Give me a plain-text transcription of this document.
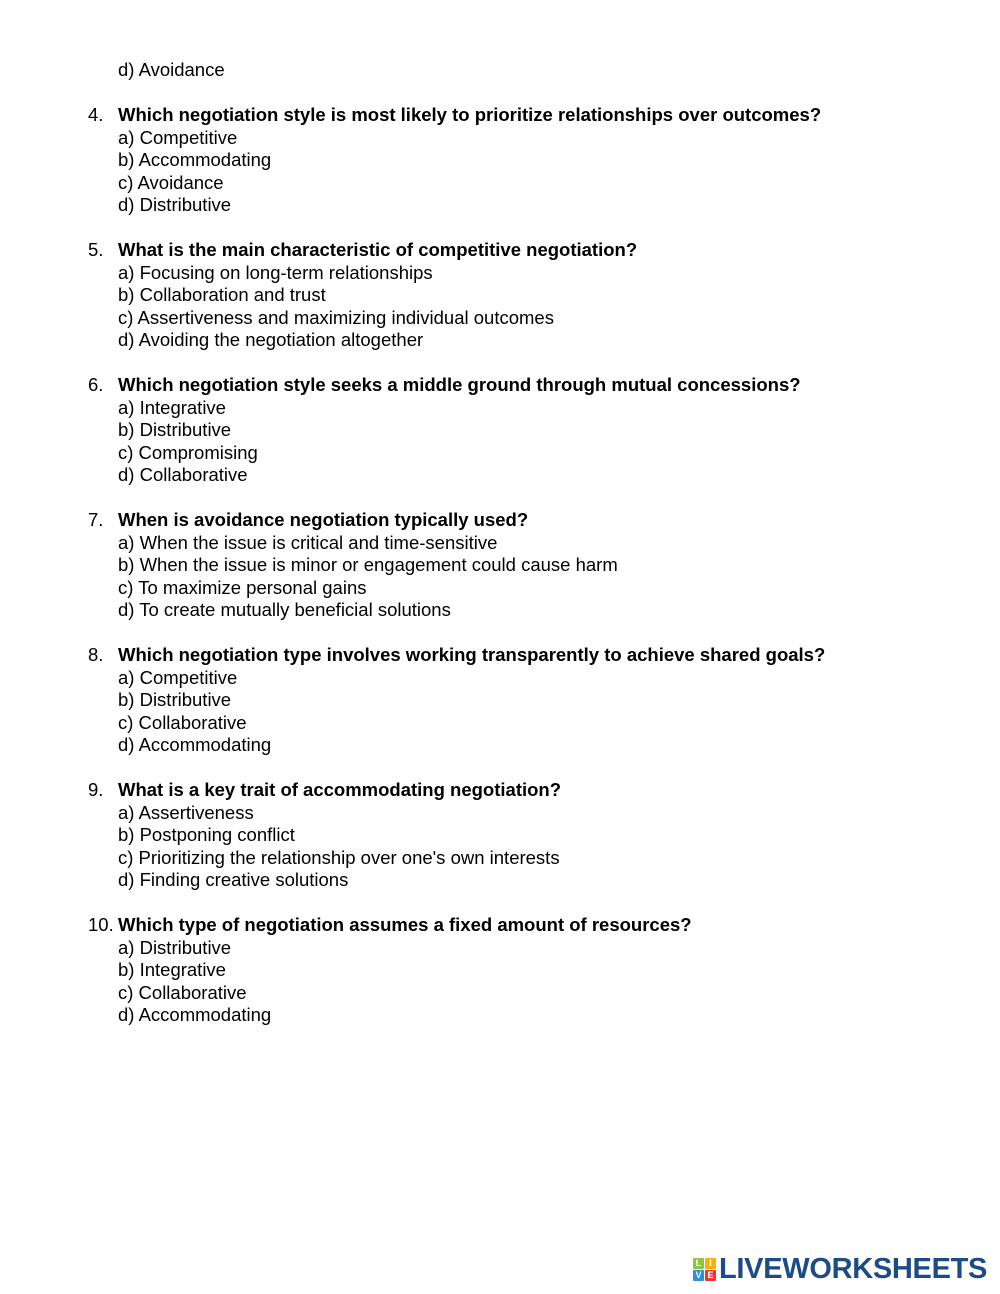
d) Avoidance
4. Which negotiation style is most likely to prioritize relationships over outcomes?
a) Competitive
b) Accommodating
c) Avoidance
d) Distributive
5. What is the main characteristic of competitive negotiation?
a) Focusing on long-term relationships
b) Collaboration and trust
c) Assertiveness and maximizing individual outcomes
d) Avoiding the negotiation altogether
6. Which negotiation style seeks a middle ground through mutual concessions?
a) Integrative
b) Distributive
c) Compromising
d) Collaborative
7. When is avoidance negotiation typically used?
a) When the issue is critical and time-sensitive
b) When the issue is minor or engagement could cause harm
c) To maximize personal gains
d) To create mutually beneficial solutions
8. Which negotiation type involves working transparently to achieve shared goals?
a) Competitive
b) Distributive
c) Collaborative
d) Accommodating
9. What is a key trait of accommodating negotiation?
a) Assertiveness
b) Postponing conflict
c) Prioritizing the relationship over one's own interests
d) Finding creative solutions
10. Which type of negotiation assumes a fixed amount of resources?
a) Distributive
b) Integrative
c) Collaborative
d) Accommodating
L I
V E LIVEWORKSHEETS
